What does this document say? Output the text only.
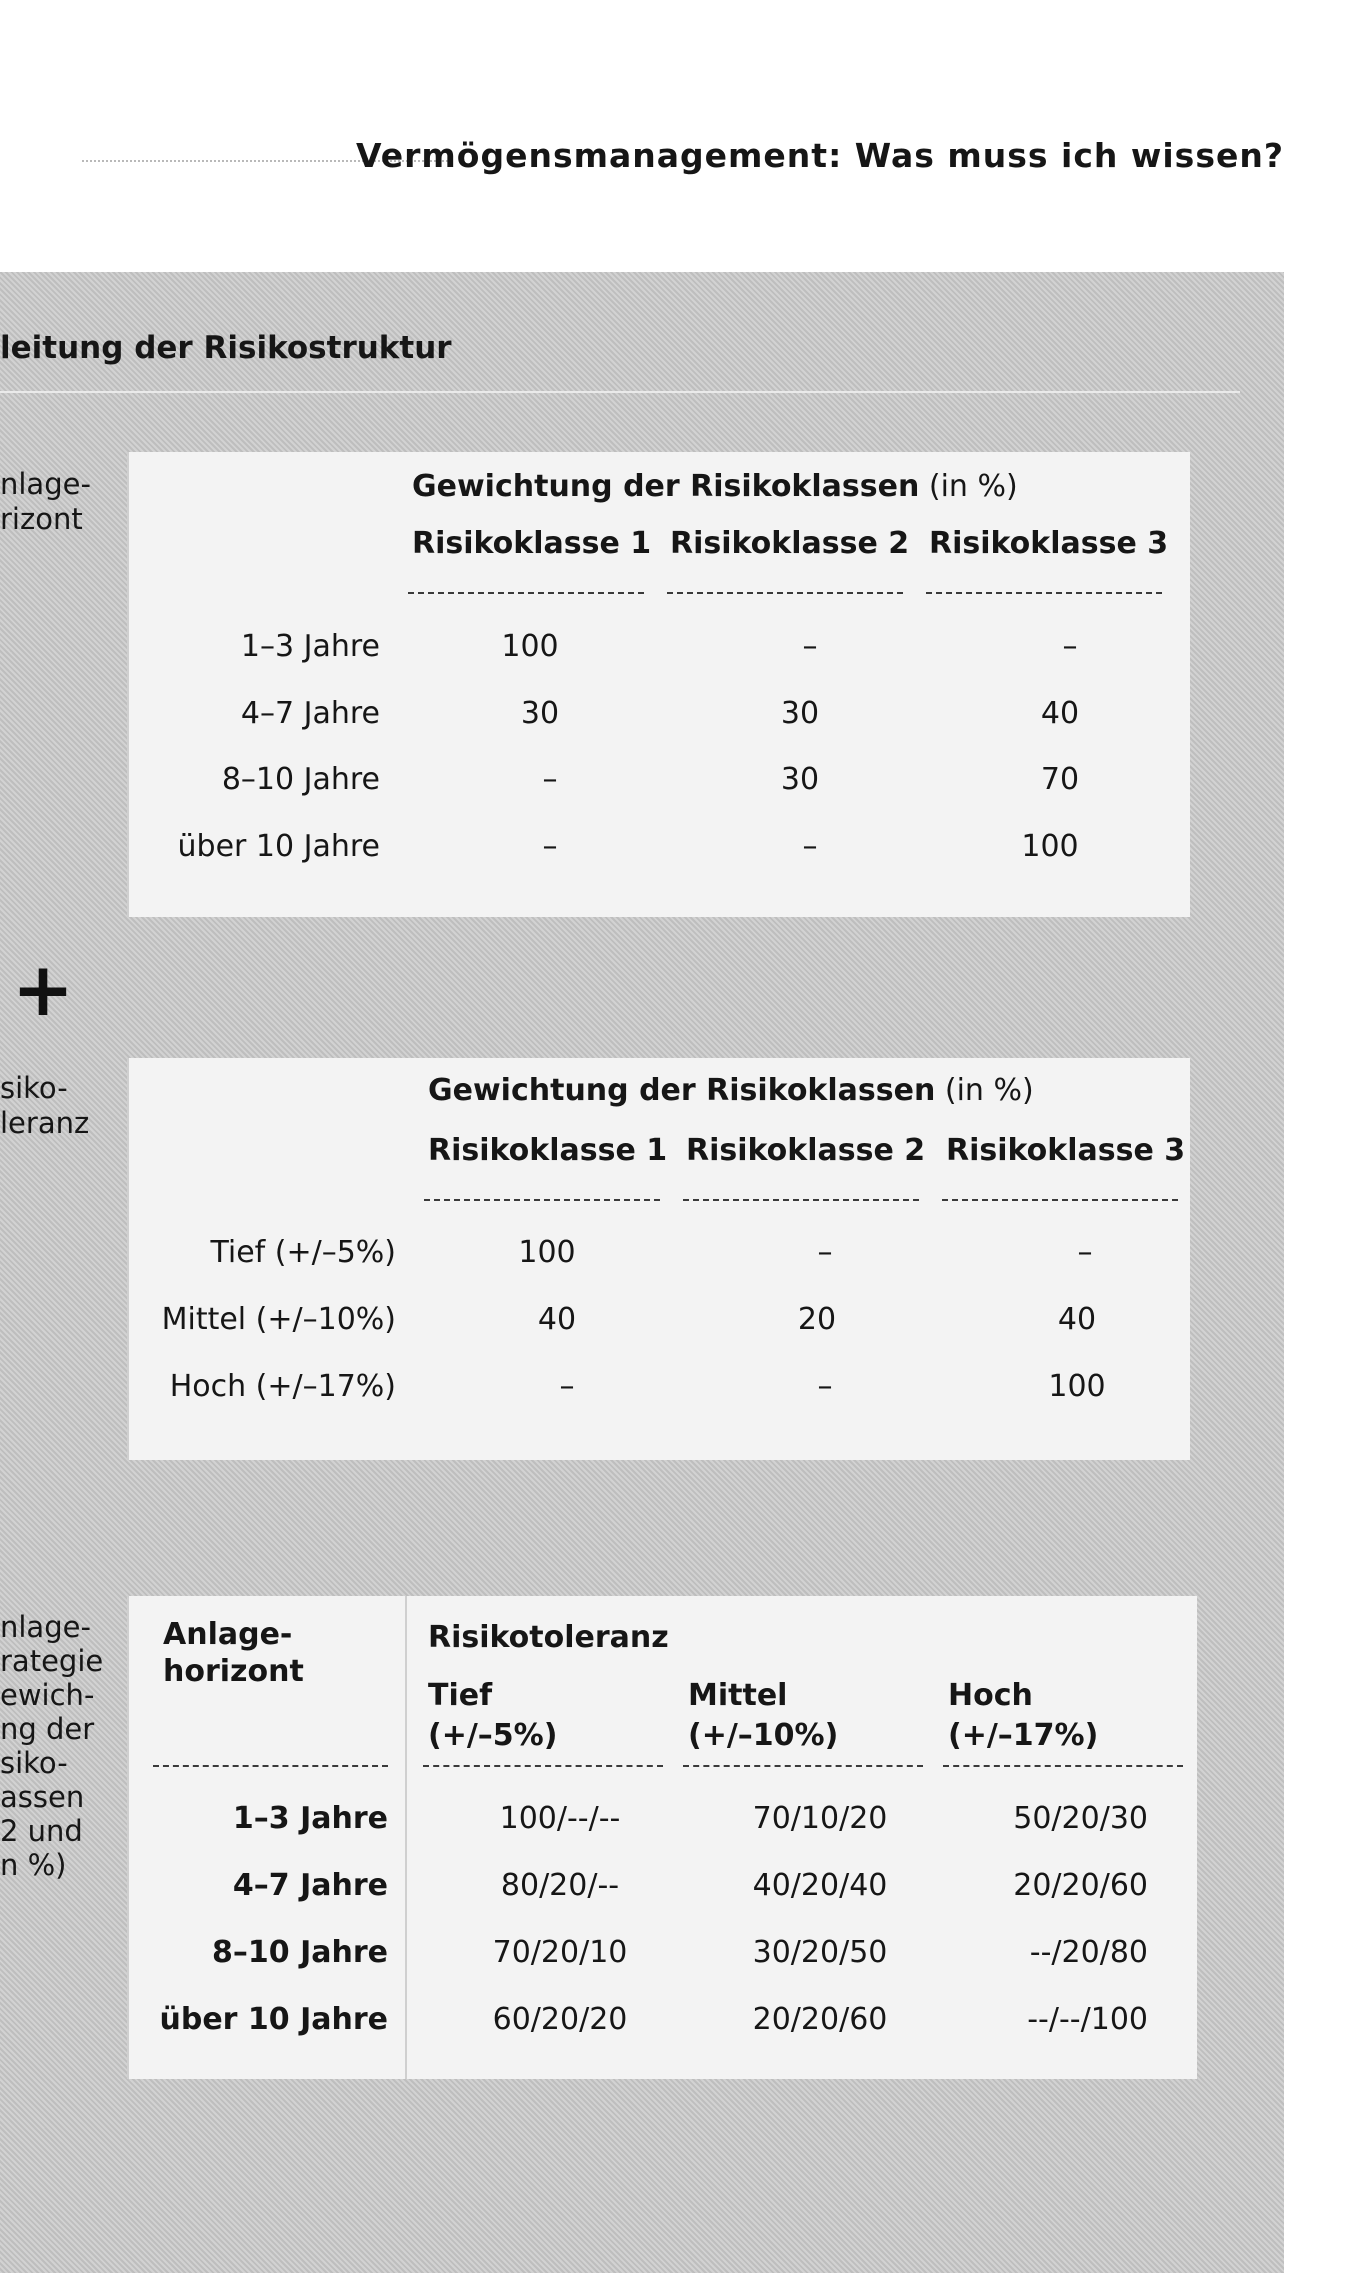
Vermögensmanagement: Was muss ich wissen?
leitung der Risikostruktur
nlage-
rizont
+
siko-
leranz
nlage-
rategie
ewich-
ng der
siko-
assen
2 und
n %)
Gewichtung der Risikoklassen (in %)
Risikoklasse 1 Risikoklasse 2 Risikoklasse 3
1–3 Jahre	100	–	–
4–7 Jahre	30	30	40
8–10 Jahre	–	30	70
über 10 Jahre	–	–	100
Gewichtung der Risikoklassen (in %)
Risikoklasse 1 Risikoklasse 2 Risikoklasse 3
Tief (+/–5%)	100	–	–
Mittel (+/–10%)	40	20	40
Hoch (+/–17%)	–	–	100
Anlage-
horizont
Risikotoleranz
Tief
(+/–5%)
Mittel
(+/–10%)
Hoch
(+/–17%)
1–3 Jahre	100/--/--	70/10/20	50/20/30
4–7 Jahre	80/20/--	40/20/40	20/20/60
8–10 Jahre	70/20/10	30/20/50	--/20/80
über 10 Jahre	60/20/20	20/20/60	--/--/100
